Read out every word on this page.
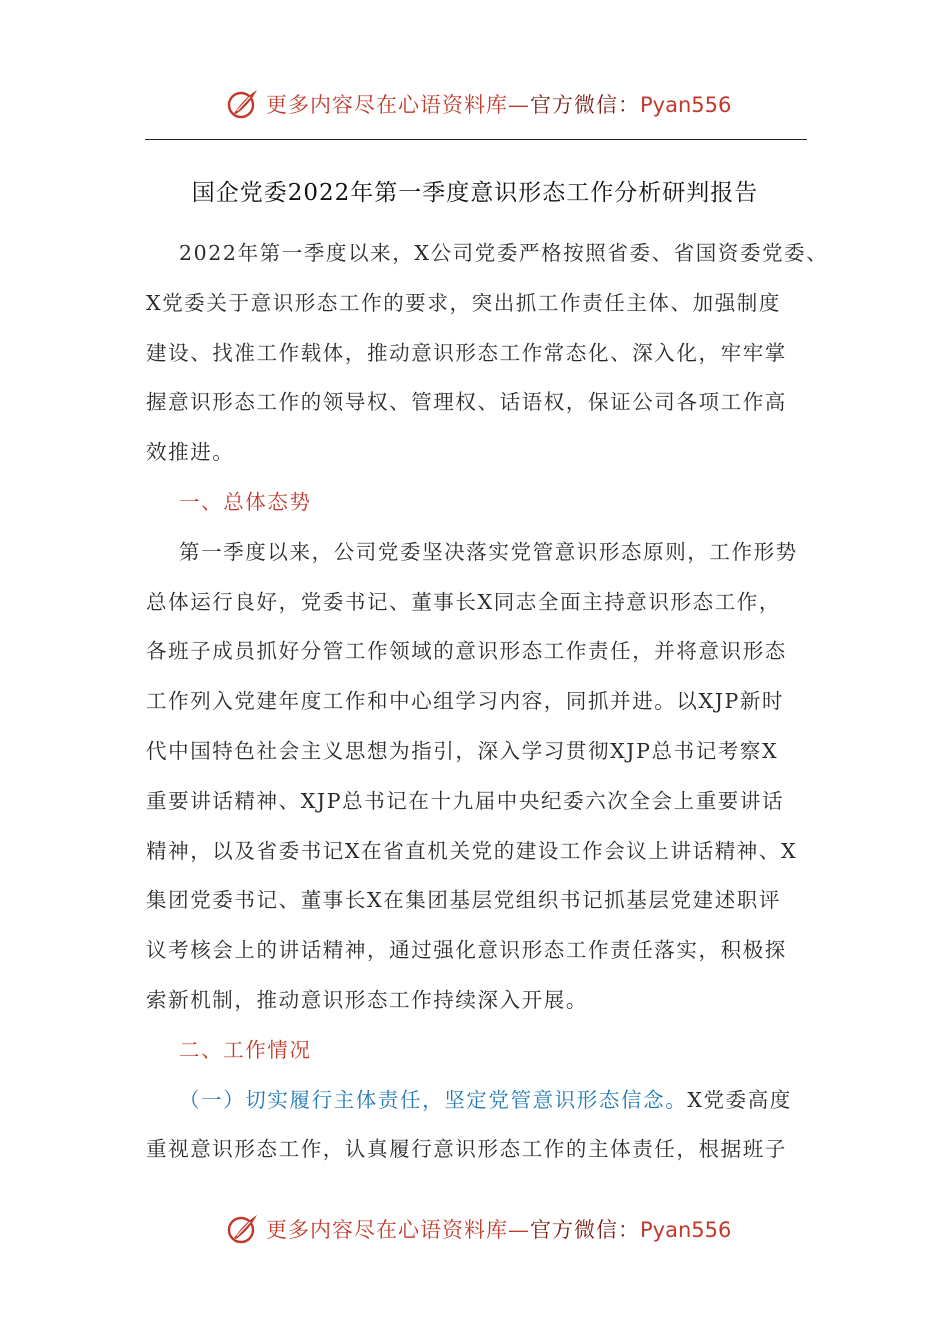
更多内容尽在心语资料库—官方微信：Pyan556
国企党委2022年第一季度意识形态工作分析研判报告
2022年第一季度以来，X公司党委严格按照省委、省国资委党委、
X党委关于意识形态工作的要求，突出抓工作责任主体、加强制度
建设、找准工作载体，推动意识形态工作常态化、深入化，牢牢掌
握意识形态工作的领导权、管理权、话语权，保证公司各项工作高
效推进。
一、总体态势
第一季度以来，公司党委坚决落实党管意识形态原则，工作形势
总体运行良好，党委书记、董事长X同志全面主持意识形态工作，
各班子成员抓好分管工作领域的意识形态工作责任，并将意识形态
工作列入党建年度工作和中心组学习内容，同抓并进。以XJP新时
代中国特色社会主义思想为指引，深入学习贯彻XJP总书记考察X
重要讲话精神、XJP总书记在十九届中央纪委六次全会上重要讲话
精神，以及省委书记X在省直机关党的建设工作会议上讲话精神、X
集团党委书记、董事长X在集团基层党组织书记抓基层党建述职评
议考核会上的讲话精神，通过强化意识形态工作责任落实，积极探
索新机制，推动意识形态工作持续深入开展。
二、工作情况
（一）切实履行主体责任，坚定党管意识形态信念。X党委高度
重视意识形态工作，认真履行意识形态工作的主体责任，根据班子
更多内容尽在心语资料库—官方微信：Pyan556
